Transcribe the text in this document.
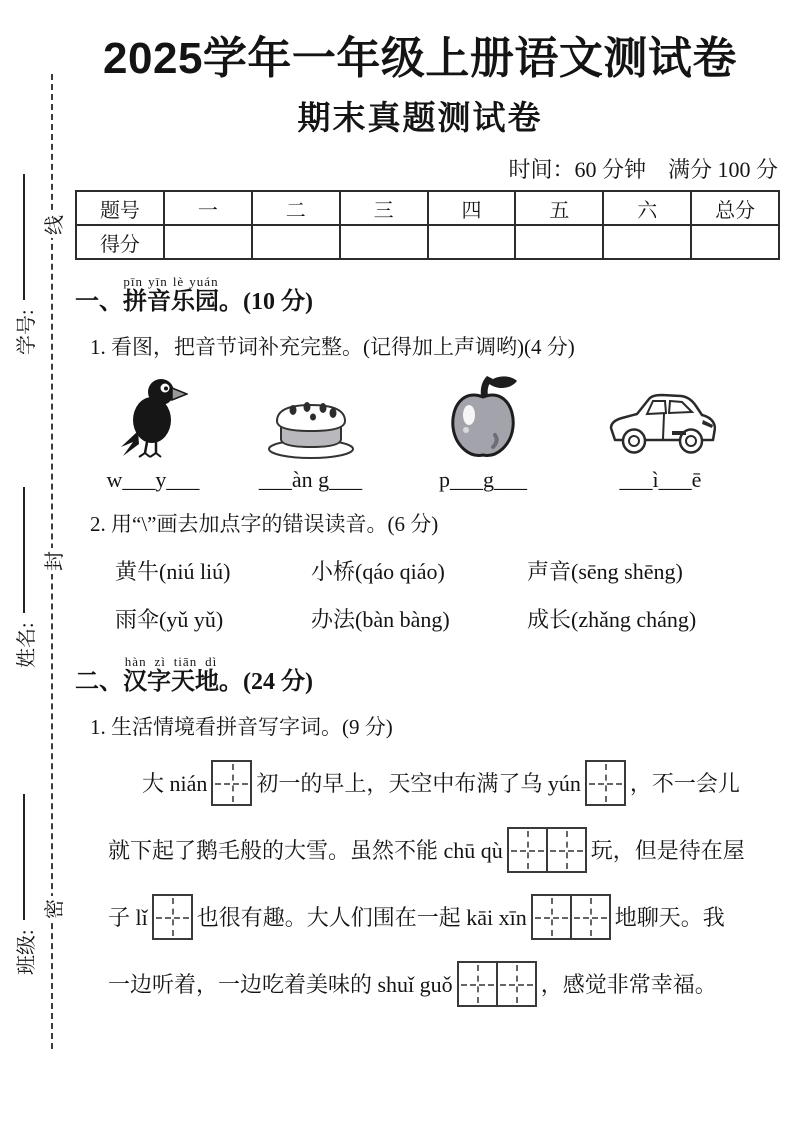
线
封
密
学号:
姓名:
班级:
2025学年一年级上册语文测试卷
期末真题测试卷
时间：60 分钟　满分 100 分
题号	一	二	三	四	五	六	总分
得分							
一、拼音乐园pīn yīn lè yuán。(10 分)
1. 看图，把音节词补充完整。(记得加上声调哟)(4 分)
w___y___	___àn g___	p___g___	___ì___ē
2. 用“\”画去加点字的错误读音。(6 分)
黄牛(niú liú)	小桥(qáo qiáo)	声音(sēng shēng)
雨伞(yǔ yǔ)	办法(bàn bàng)	成长(zhǎng cháng)
二、汉字天地hàn zì tiān dì。(24 分)
1. 生活情境看拼音写字词。(9 分)
大 nián 初一的早上，天空中布满了乌 yún ，不一会儿
就下起了鹅毛般的大雪。虽然不能 chū qù	玩，但是待在屋
子 lǐ 也很有趣。大人们围在一起 kāi xīn	地聊天。我
一边听着，一边吃着美味的 shuǐ guǒ	，感觉非常幸福。
